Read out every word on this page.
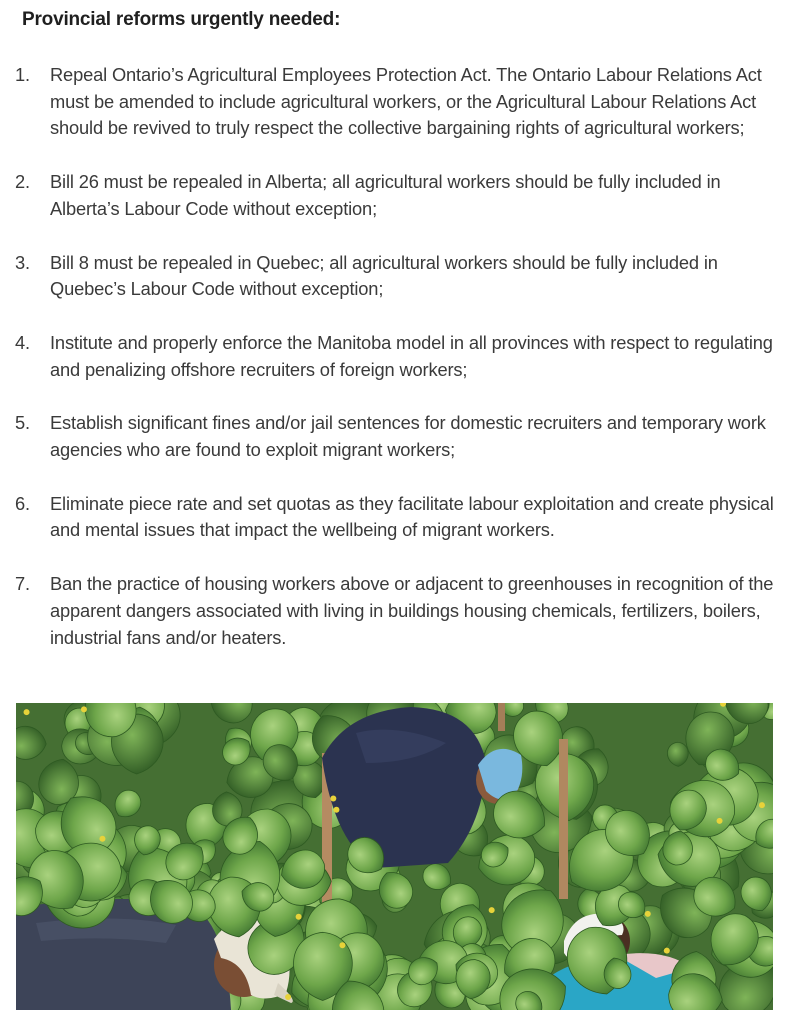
Provincial reforms urgently needed:
1. Repeal Ontario’s Agricultural Employees Protection Act. The Ontario Labour Relations Act must be amended to include agricultural workers, or the Agricultural Labour Relations Act should be revived to truly respect the collective bargaining rights of agricultural workers;
2. Bill 26 must be repealed in Alberta; all agricultural workers should be fully included in Alberta’s Labour Code without exception;
3. Bill 8 must be repealed in Quebec; all agricultural workers should be fully included in Quebec’s Labour Code without exception;
4. Institute and properly enforce the Manitoba model in all provinces with respect to regulating and penalizing offshore recruiters of foreign workers;
5. Establish significant fines and/or jail sentences for domestic recruiters and temporary work agencies who are found to exploit migrant workers;
6. Eliminate piece rate and set quotas as they facilitate labour exploitation and create physical and mental issues that impact the wellbeing of migrant workers.
7. Ban the practice of housing workers above or adjacent to greenhouses in recognition of the apparent dangers associated with living in buildings housing chemicals, fertilizers, boilers, industrial fans and/or heaters.
